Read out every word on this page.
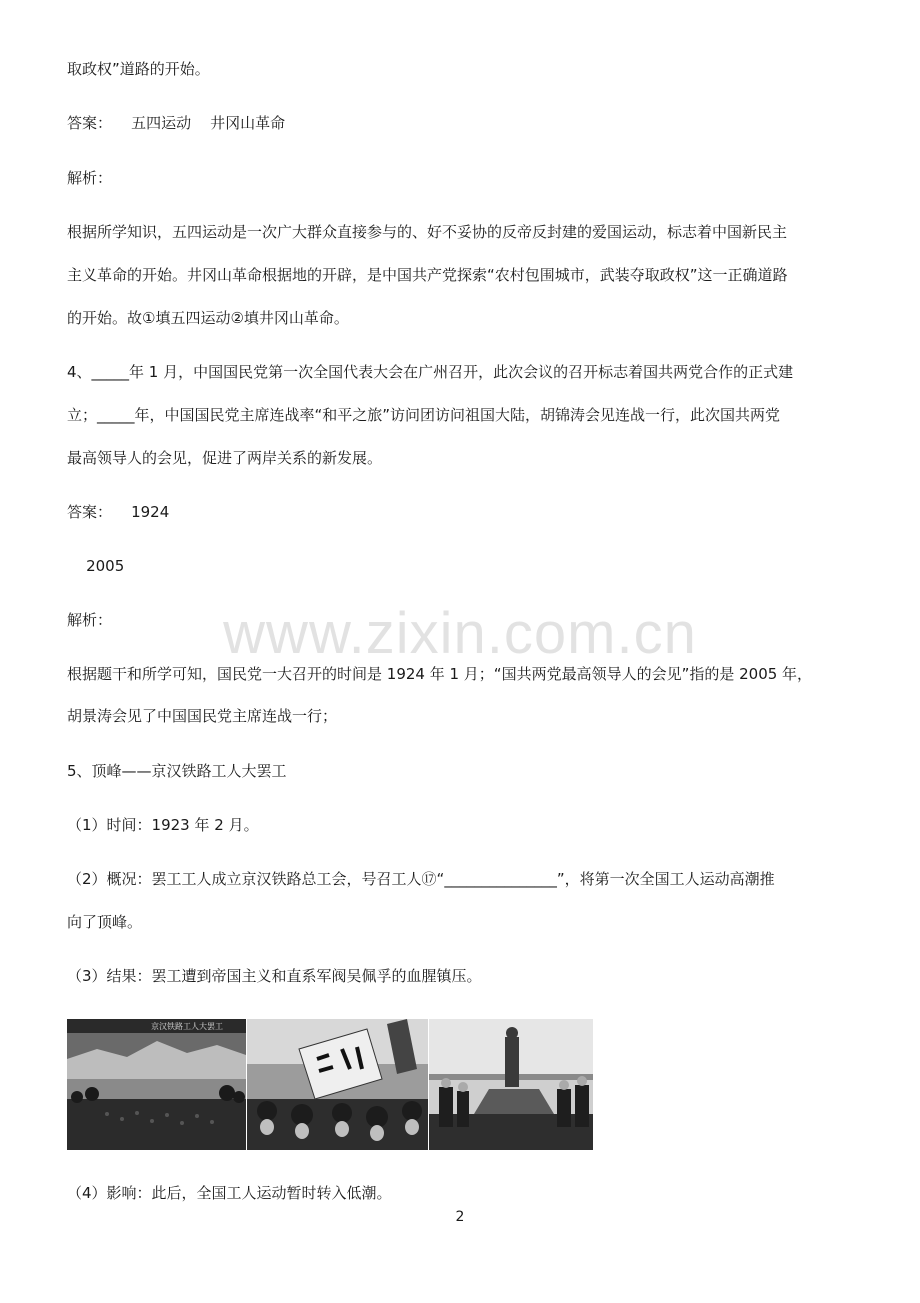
取政权”道路的开始。
答案：    五四运动    井冈山革命
解析：
根据所学知识，五四运动是一次广大群众直接参与的、好不妥协的反帝反封建的爱国运动，标志着中国新民主
主义革命的开始。井冈山革命根据地的开辟，是中国共产党探索“农村包围城市，武装夺取政权”这一正确道路
的开始。故①填五四运动②填井冈山革命。
4、_____年 1 月，中国国民党第一次全国代表大会在广州召开，此次会议的召开标志着国共两党合作的正式建
立；_____年，中国国民党主席连战率“和平之旅”访问团访问祖国大陆，胡锦涛会见连战一行，此次国共两党
最高领导人的会见，促进了两岸关系的新发展。
答案：    1924
2005
解析：
根据题干和所学可知，国民党一大召开的时间是 1924 年 1 月；“国共两党最高领导人的会见”指的是 2005 年，
胡景涛会见了中国国民党主席连战一行；
5、顶峰——京汉铁路工人大罢工
（1）时间：1923 年 2 月。
（2）概况：罢工工人成立京汉铁路总工会，号召工人⑰“_______________”，将第一次全国工人运动高潮推
向了顶峰。
（3）结果：罢工遭到帝国主义和直系军阀吴佩孚的血腥镇压。
www.zixin.com.cn
京汉铁路工人大罢工
（4）影响：此后，全国工人运动暂时转入低潮。
2
